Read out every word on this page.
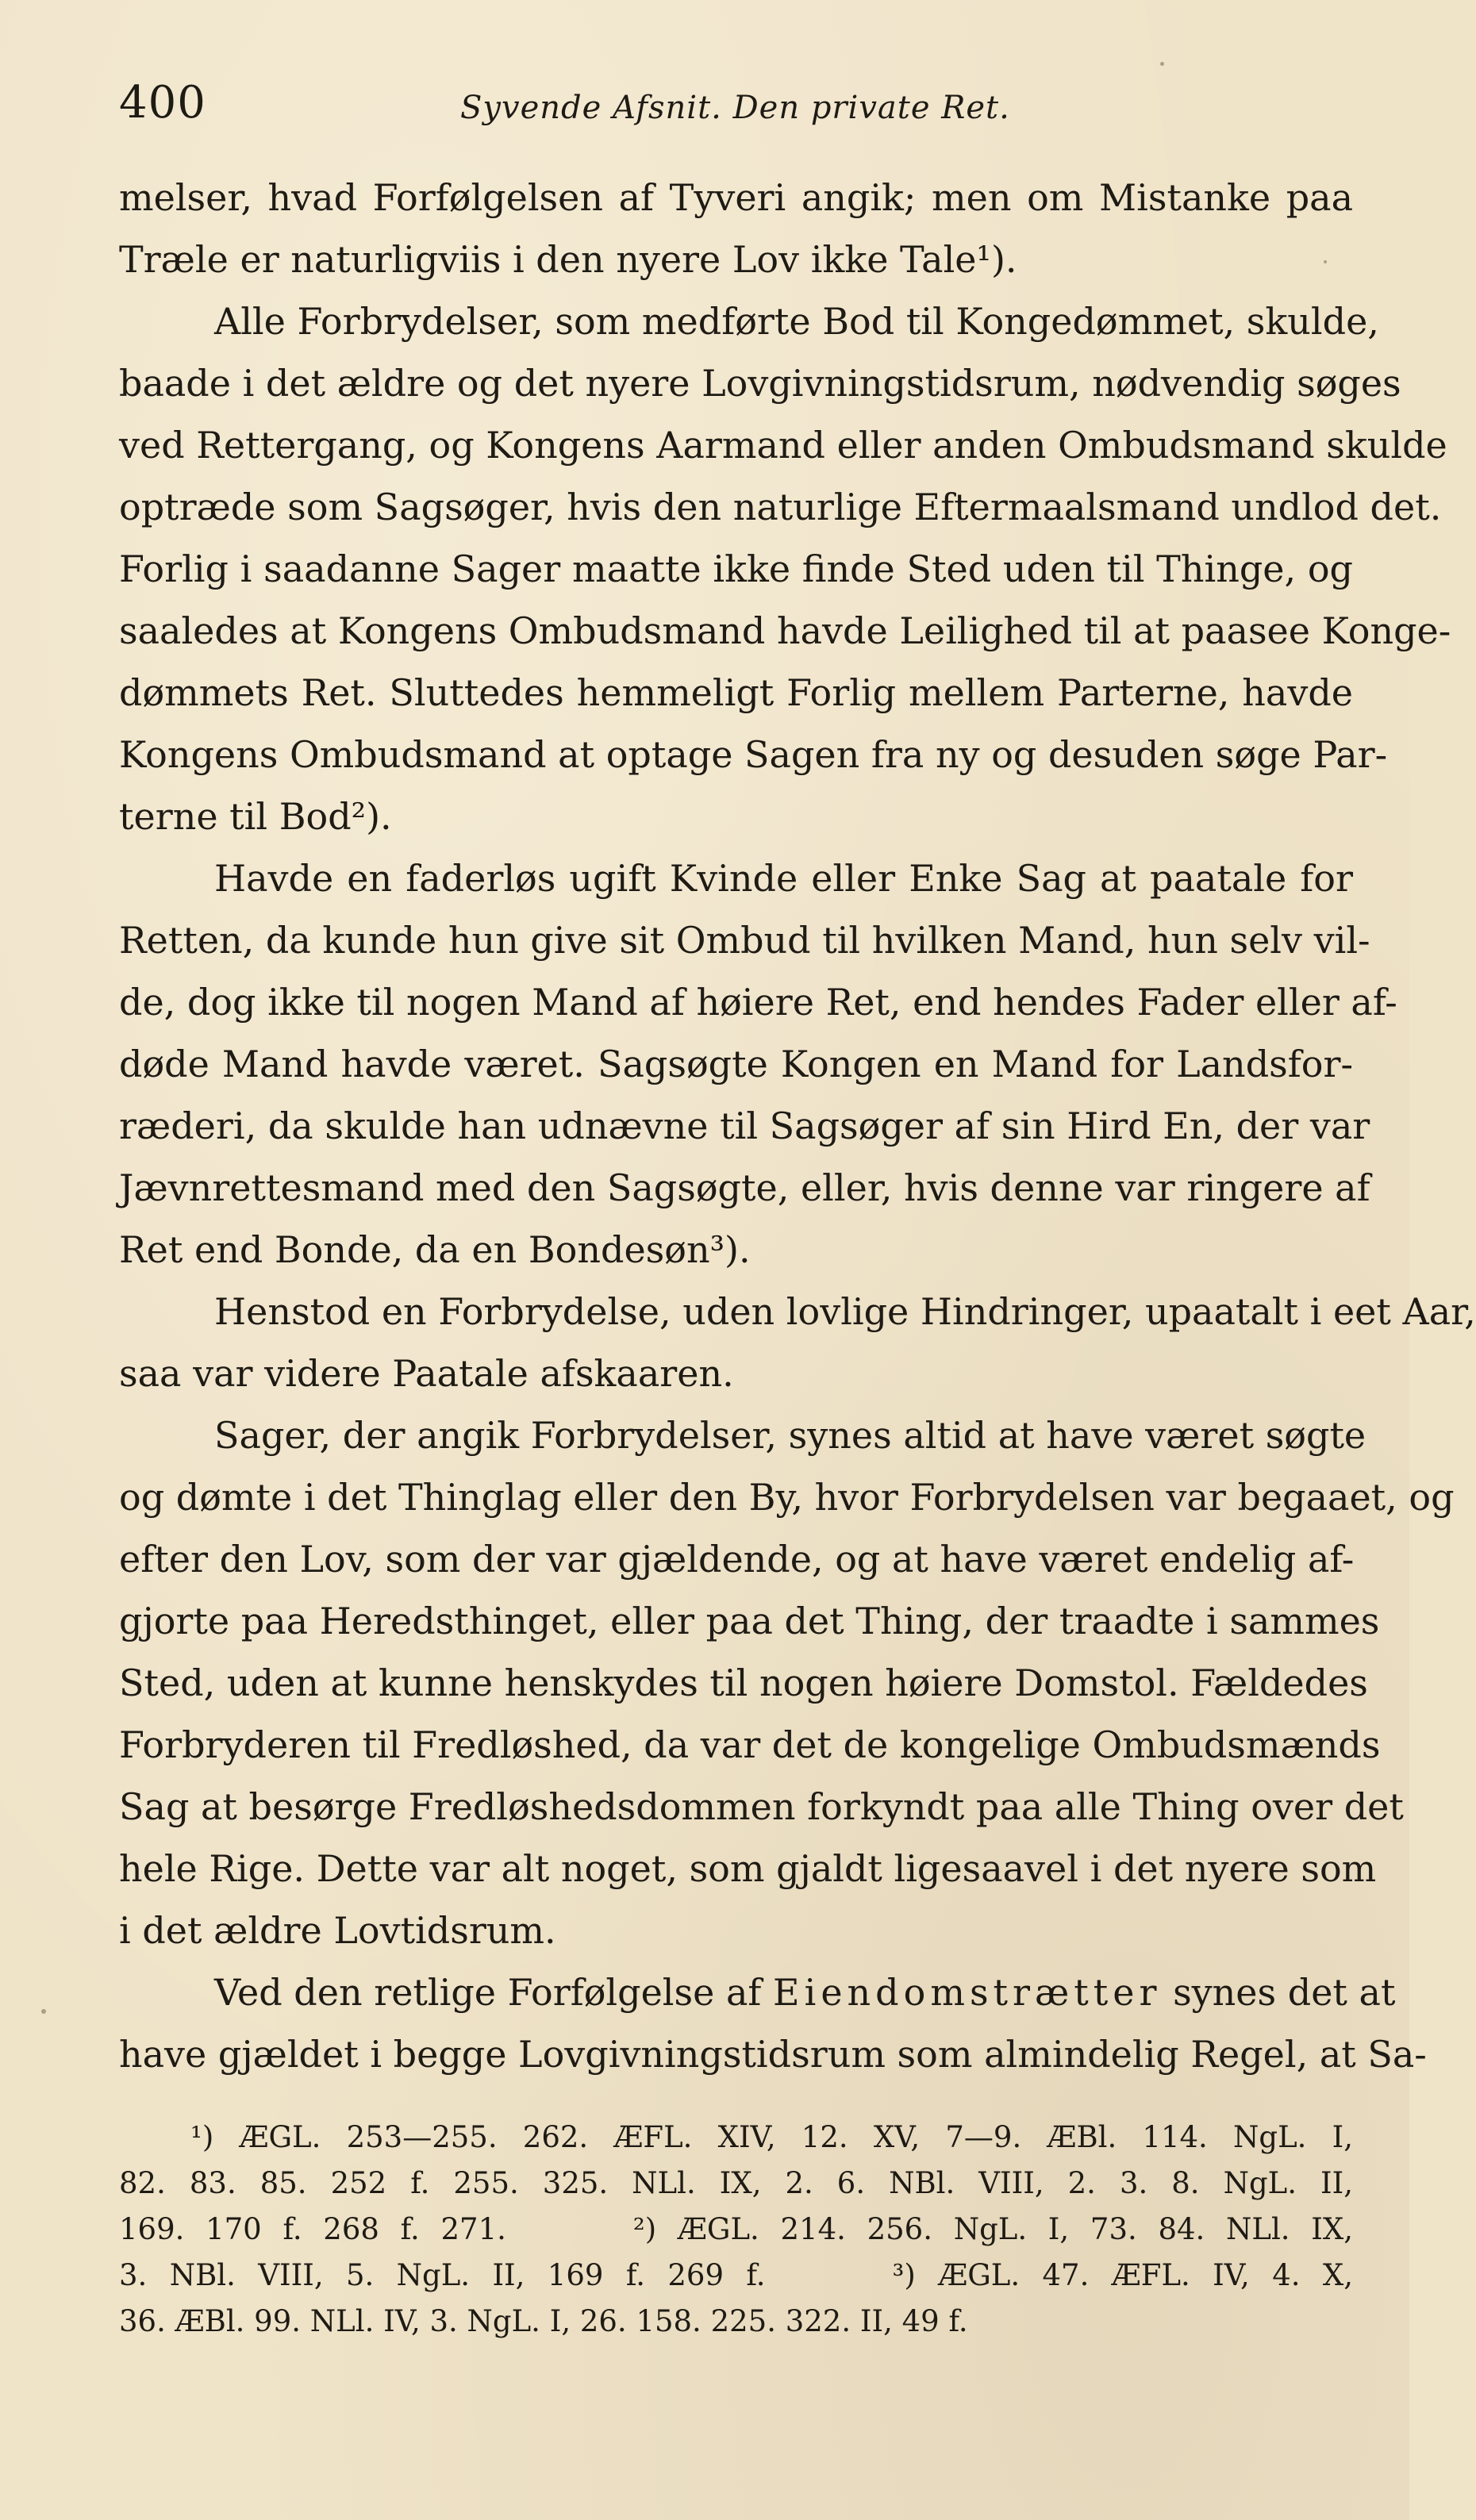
400	Syvende Afsnit. Den private Ret.
melser, hvad Forfølgelsen af Tyveri angik; men om Mistanke paa
Træle er naturligviis i den nyere Lov ikke Tale¹).
Alle Forbrydelser, som medførte Bod til Kongedømmet, skulde,
baade i det ældre og det nyere Lovgivningstidsrum, nødvendig søges
ved Rettergang, og Kongens Aarmand eller anden Ombudsmand skulde
optræde som Sagsøger, hvis den naturlige Eftermaalsmand undlod det.
Forlig i saadanne Sager maatte ikke finde Sted uden til Thinge, og
saaledes at Kongens Ombudsmand havde Leilighed til at paasee Konge-
dømmets Ret. Sluttedes hemmeligt Forlig mellem Parterne, havde
Kongens Ombudsmand at optage Sagen fra ny og desuden søge Par-
terne til Bod²).
Havde en faderløs ugift Kvinde eller Enke Sag at paatale for
Retten, da kunde hun give sit Ombud til hvilken Mand, hun selv vil-
de, dog ikke til nogen Mand af høiere Ret, end hendes Fader eller af-
døde Mand havde været. Sagsøgte Kongen en Mand for Landsfor-
ræderi, da skulde han udnævne til Sagsøger af sin Hird En, der var
Jævnrettesmand med den Sagsøgte, eller, hvis denne var ringere af
Ret end Bonde, da en Bondesøn³).
Henstod en Forbrydelse, uden lovlige Hindringer, upaatalt i eet Aar,
saa var videre Paatale afskaaren.
Sager, der angik Forbrydelser, synes altid at have været søgte
og dømte i det Thinglag eller den By, hvor Forbrydelsen var begaaet, og
efter den Lov, som der var gjældende, og at have været endelig af-
gjorte paa Heredsthinget, eller paa det Thing, der traadte i sammes
Sted, uden at kunne henskydes til nogen høiere Domstol. Fældedes
Forbryderen til Fredløshed, da var det de kongelige Ombudsmænds
Sag at besørge Fredløshedsdommen forkyndt paa alle Thing over det
hele Rige. Dette var alt noget, som gjaldt ligesaavel i det nyere som
i det ældre Lovtidsrum.
Ved den retlige Forfølgelse af Eiendomstrætter synes det at
have gjældet i begge Lovgivningstidsrum som almindelig Regel, at Sa-
¹) ÆGL. 253—255. 262. ÆFL. XIV, 12. XV, 7—9. ÆBl. 114. NgL. I,
82. 83. 85. 252 f. 255. 325. NLl. IX, 2. 6. NBl. VIII, 2. 3. 8. NgL. II,
169. 170 f. 268 f. 271.	²) ÆGL. 214. 256. NgL. I, 73. 84. NLl. IX,
3. NBl. VIII, 5. NgL. II, 169 f. 269 f.	³) ÆGL. 47. ÆFL. IV, 4. X,
36. ÆBl. 99. NLl. IV, 3. NgL. I, 26. 158. 225. 322. II, 49 f.
